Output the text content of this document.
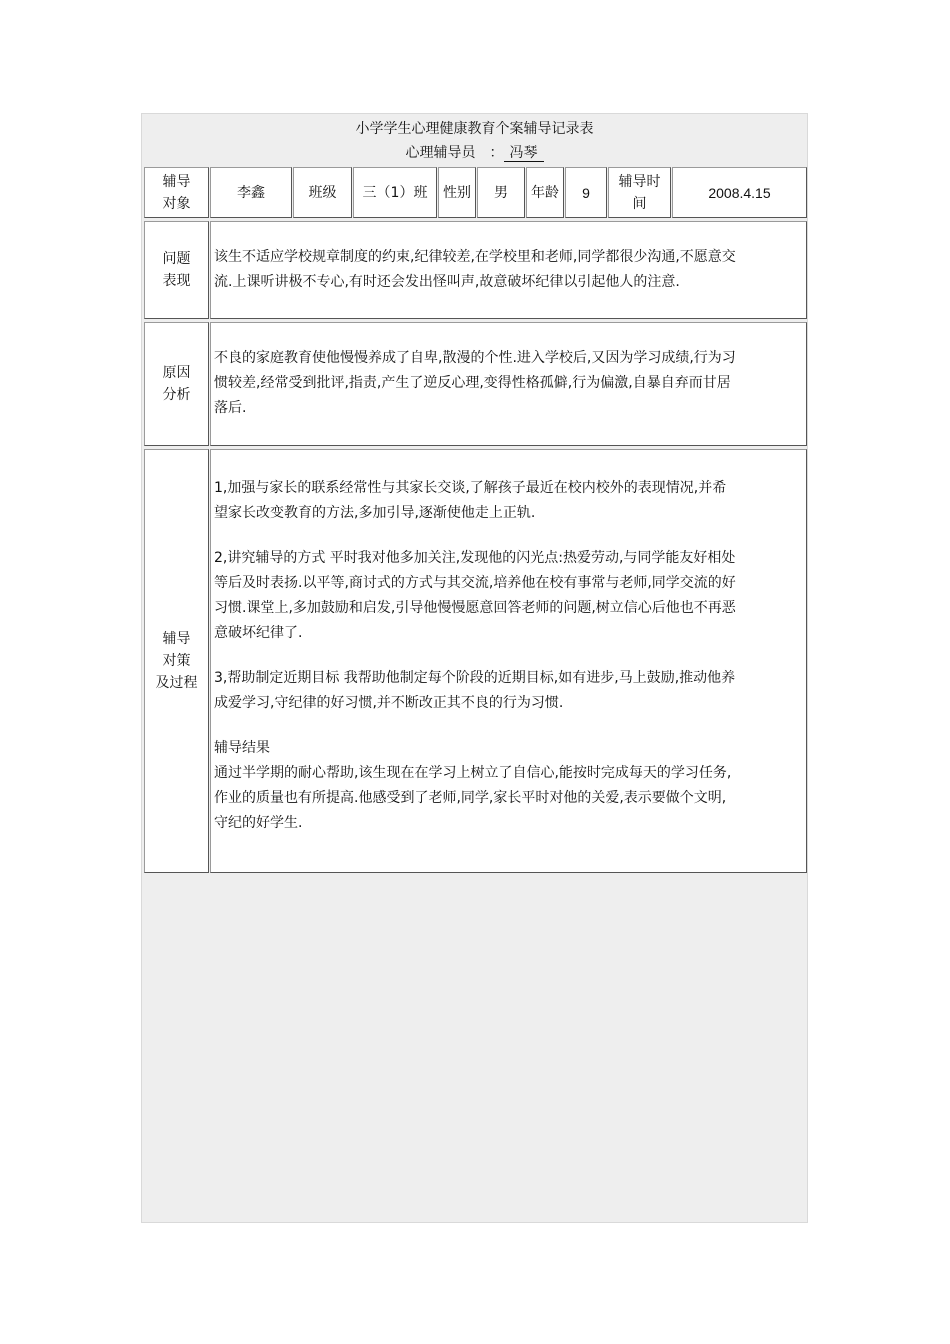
小学学生心理健康教育个案辅导记录表
心理辅导员　： 冯琴
辅导
对象
李鑫	班级 三（1）班 性别 男 年龄 9
辅导时
间
2008.4.15
问题
表现
该生不适应学校规章制度的约束,纪律较差,在学校里和老师,同学都很少沟通,不愿意交
流.上课听讲极不专心,有时还会发出怪叫声,故意破坏纪律以引起他人的注意.
原因
分析
不良的家庭教育使他慢慢养成了自卑,散漫的个性.进入学校后,又因为学习成绩,行为习
惯较差,经常受到批评,指责,产生了逆反心理,变得性格孤僻,行为偏激,自暴自弃而甘居
落后.
辅导
对策
及过程
1,加强与家长的联系经常性与其家长交谈,了解孩子最近在校内校外的表现情况,并希
望家长改变教育的方法,多加引导,逐渐使他走上正轨.
2,讲究辅导的方式 平时我对他多加关注,发现他的闪光点:热爱劳动,与同学能友好相处
等后及时表扬.以平等,商讨式的方式与其交流,培养他在校有事常与老师,同学交流的好
习惯.课堂上,多加鼓励和启发,引导他慢慢愿意回答老师的问题,树立信心后他也不再恶
意破坏纪律了.
3,帮助制定近期目标 我帮助他制定每个阶段的近期目标,如有进步,马上鼓励,推动他养
成爱学习,守纪律的好习惯,并不断改正其不良的行为习惯.
辅导结果
通过半学期的耐心帮助,该生现在在学习上树立了自信心,能按时完成每天的学习任务,
作业的质量也有所提高.他感受到了老师,同学,家长平时对他的关爱,表示要做个文明,
守纪的好学生.
